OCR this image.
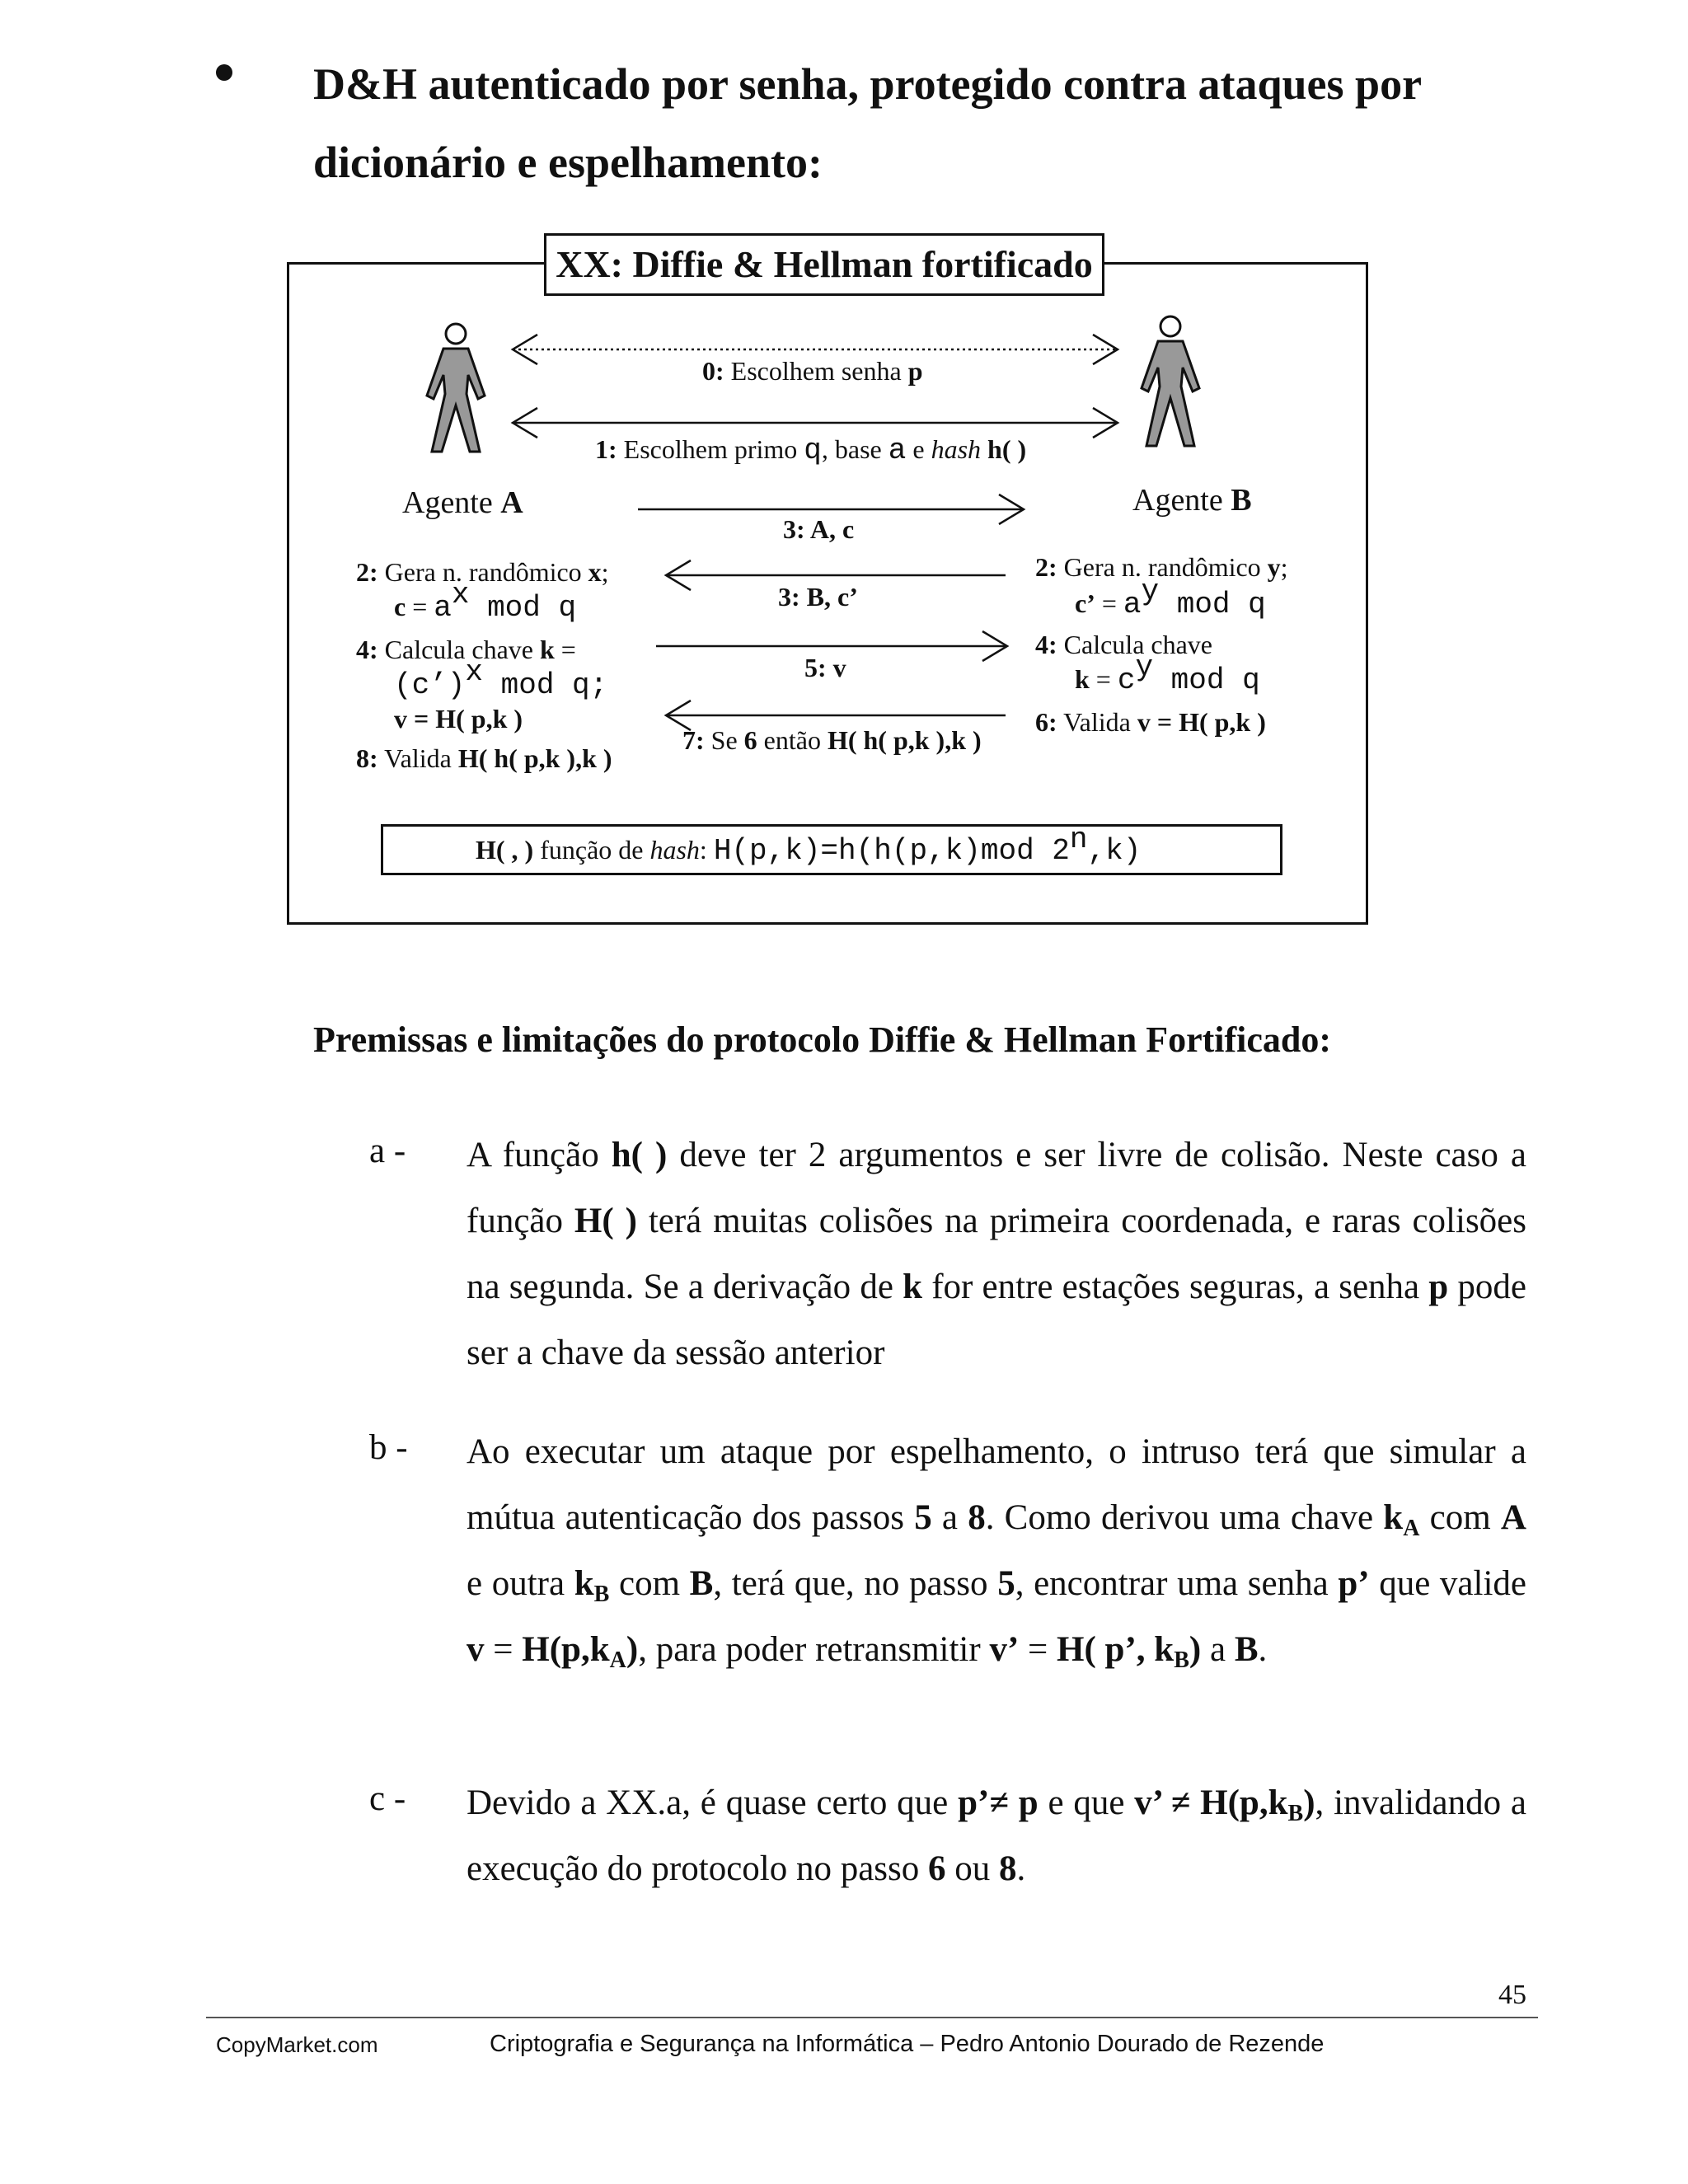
D&H autenticado por senha, protegido contra ataques por
dicionário e espelhamento:
XX: Diffie & Hellman fortificado
0: Escolhem senha p
1: Escolhem primo q, base a e hash h( )
Agente A	Agente B
3: A, c
3: B, c’
5: v
7: Se 6 então H( h( p,k ),k )
2: Gera n. randômico x;
$c = a^x$ mod q
4: Calcula chave k =
(c’)$^x$ mod q;
v = H( p,k )
8: Valida H( h( p,k ),k )
2: Gera n. randômico y;
c’ = $a^y$ mod q
4: Calcula chave
$k = c^y$ mod q
6: Valida v = H( p,k )
H( , ) função de hash: H(p,k)=h(h(p,k)mod 2$^n$,k)
Premissas e limitações do protocolo Diffie & Hellman Fortificado:
a - A função h( ) deve ter 2 argumentos e ser livre de colisão. Neste caso a função H( ) terá muitas colisões na primeira coordenada, e raras colisões na segunda. Se a derivação de k for entre estações seguras, a senha p pode ser a chave da sessão anterior
b - Ao executar um ataque por espelhamento, o intruso terá que simular a mútua autenticação dos passos 5 a 8. Como derivou uma chave $k_A$ com A e outra $k_B$ com B, terá que, no passo 5, encontrar uma senha p’ que valide $v = H(p,k_A)$, para poder retransmitir v’ = H( p’, $k_B$) a B.
c - Devido a XX.a, é quase certo que p’≠ p e que v’ ≠ $H(p,k_B)$, invalidando a execução do protocolo no passo 6 ou 8.
45
CopyMarket.com	Criptografia e Segurança na Informática – Pedro Antonio Dourado de Rezende
